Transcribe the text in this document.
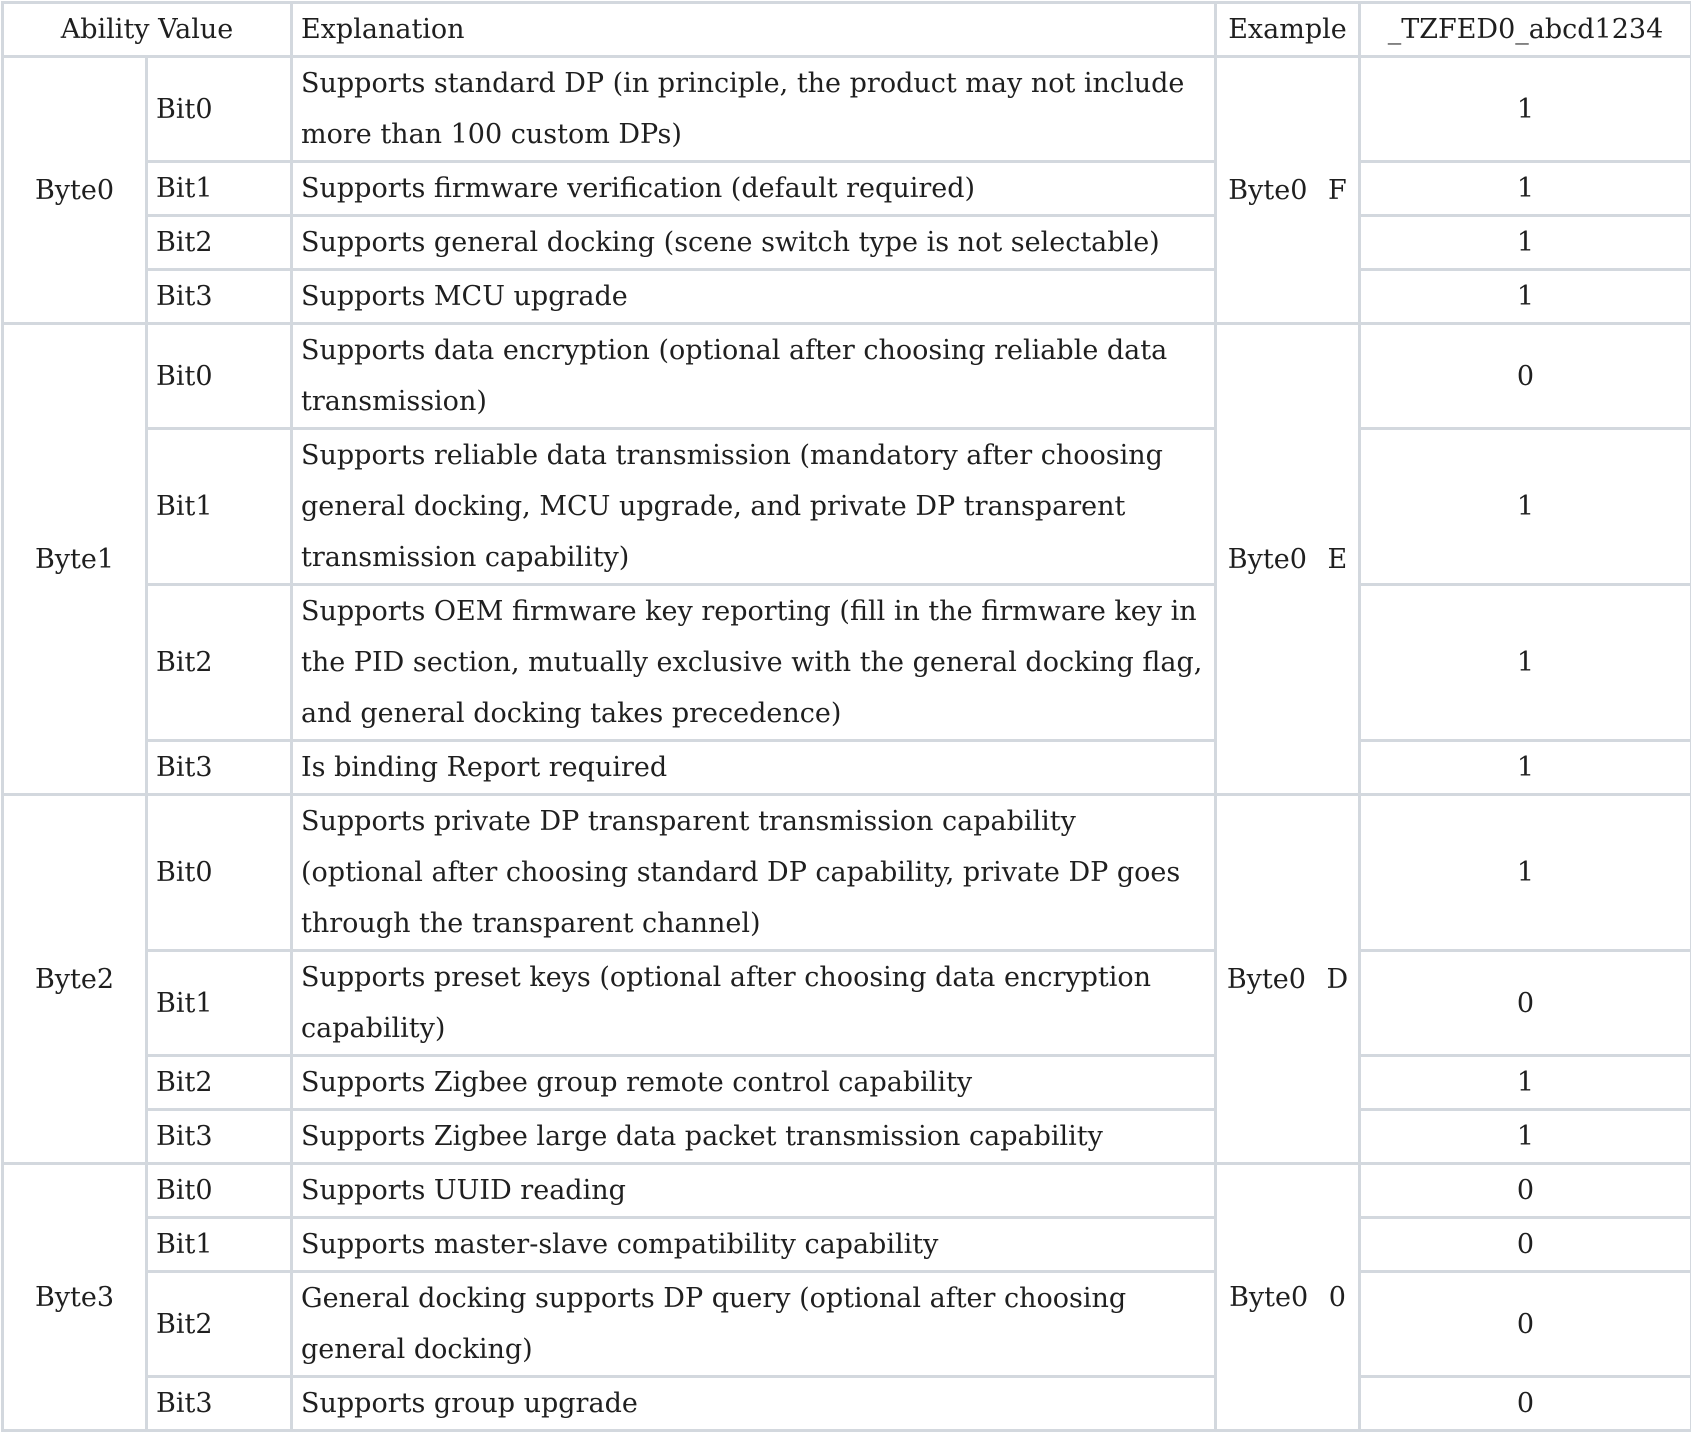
Ability Value		Explanation	Example	_TZFED0_abcd1234
Byte0	Bit0	Supports standard DP (in principle, the product may not include more than 100 custom DPs)	Byte0 F	1
	Bit1	Supports firmware verification (default required)		1
	Bit2	Supports general docking (scene switch type is not selectable)		1
	Bit3	Supports MCU upgrade		1
Byte1	Bit0	Supports data encryption (optional after choosing reliable data transmission)	Byte0 E	0
	Bit1	Supports reliable data transmission (mandatory after choosing general docking, MCU upgrade, and private DP transparent transmission capability)		1
	Bit2	Supports OEM firmware key reporting (fill in the firmware key in the PID section, mutually exclusive with the general docking flag, and general docking takes precedence)		1
	Bit3	Is binding Report required		1
Byte2	Bit0	Supports private DP transparent transmission capability (optional after choosing standard DP capability, private DP goes through the transparent channel)	Byte0 D	1
	Bit1	Supports preset keys (optional after choosing data encryption capability)		0
	Bit2	Supports Zigbee group remote control capability		1
	Bit3	Supports Zigbee large data packet transmission capability		1
Byte3	Bit0	Supports UUID reading	Byte0 0	0
	Bit1	Supports master-slave compatibility capability		0
	Bit2	General docking supports DP query (optional after choosing general docking)		0
	Bit3	Supports group upgrade		0
